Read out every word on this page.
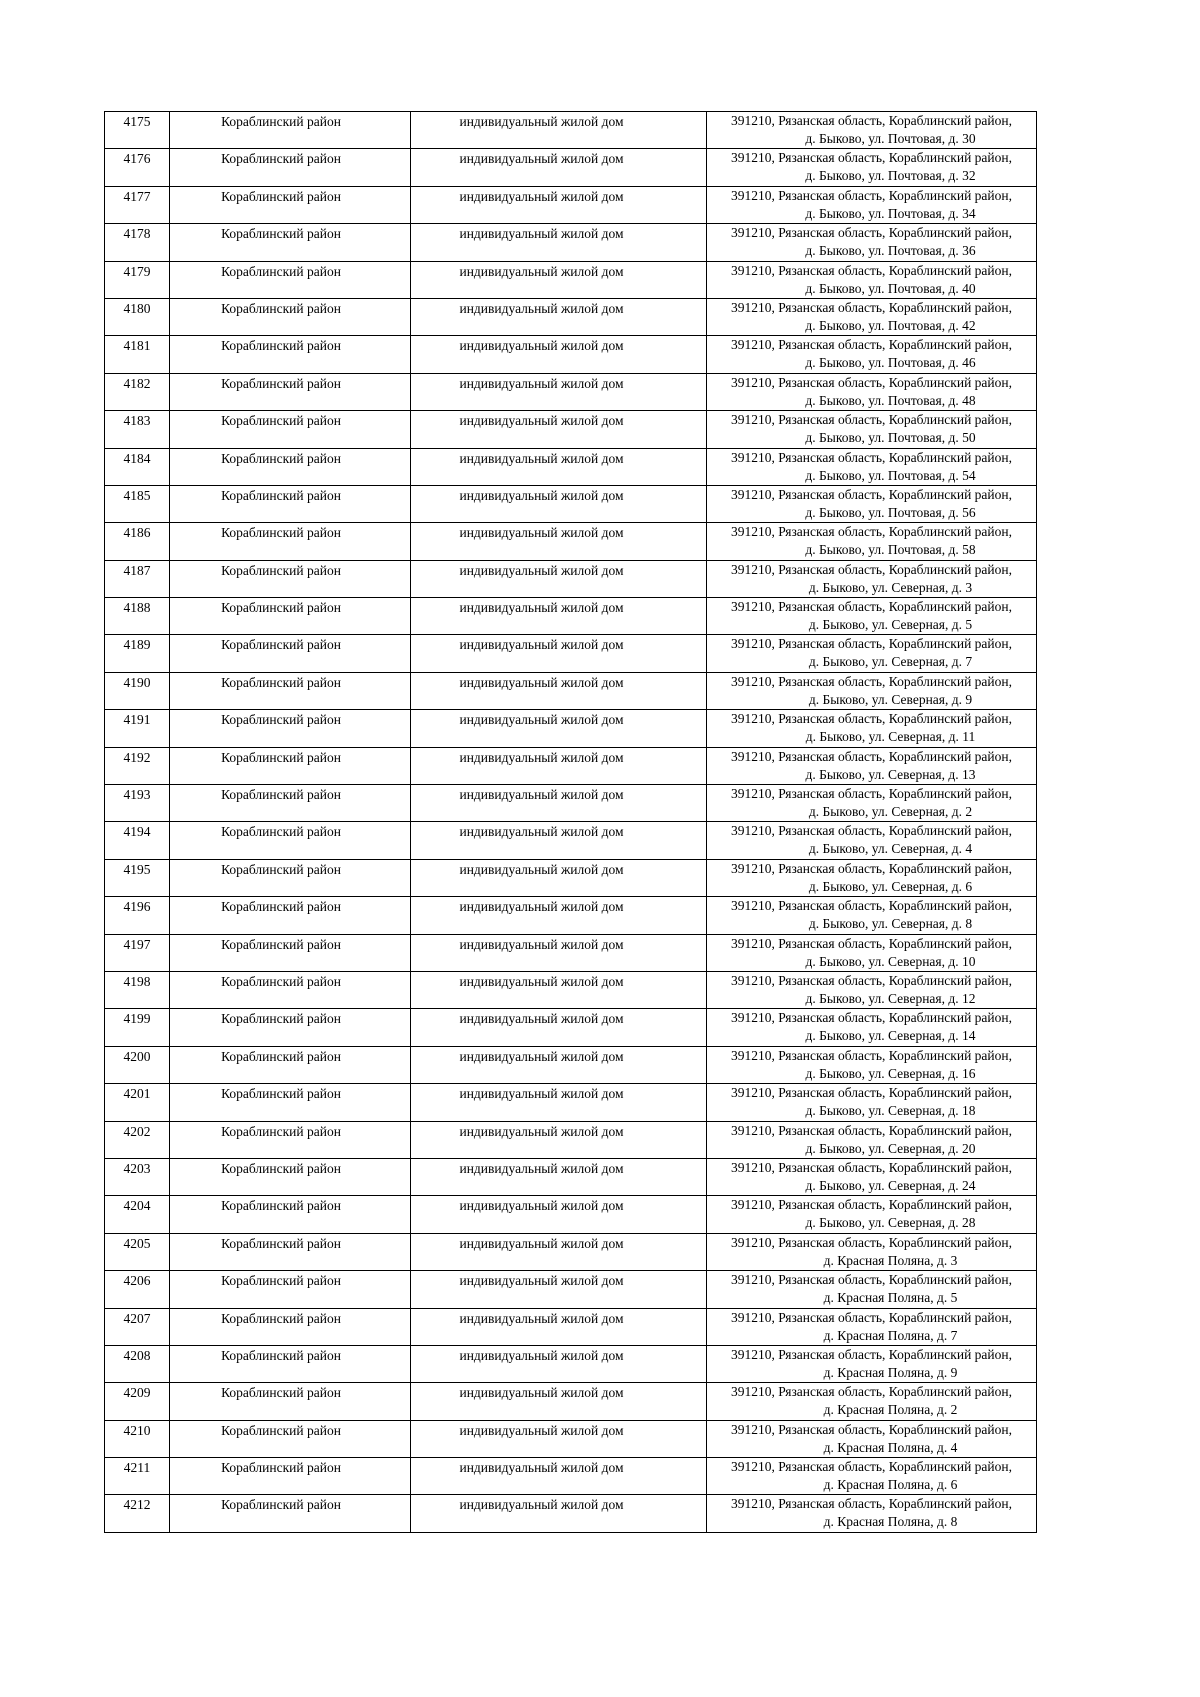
4175	Кораблинский район	индивидуальный жилой дом	391210, Рязанская область, Кораблинский район,
д. Быково, ул. Почтовая, д. 30

4176	Кораблинский район	индивидуальный жилой дом	391210, Рязанская область, Кораблинский район,
д. Быково, ул. Почтовая, д. 32

4177	Кораблинский район	индивидуальный жилой дом	391210, Рязанская область, Кораблинский район,
д. Быково, ул. Почтовая, д. 34

4178	Кораблинский район	индивидуальный жилой дом	391210, Рязанская область, Кораблинский район,
д. Быково, ул. Почтовая, д. 36

4179	Кораблинский район	индивидуальный жилой дом	391210, Рязанская область, Кораблинский район,
д. Быково, ул. Почтовая, д. 40

4180	Кораблинский район	индивидуальный жилой дом	391210, Рязанская область, Кораблинский район,
д. Быково, ул. Почтовая, д. 42

4181	Кораблинский район	индивидуальный жилой дом	391210, Рязанская область, Кораблинский район,
д. Быково, ул. Почтовая, д. 46

4182	Кораблинский район	индивидуальный жилой дом	391210, Рязанская область, Кораблинский район,
д. Быково, ул. Почтовая, д. 48

4183	Кораблинский район	индивидуальный жилой дом	391210, Рязанская область, Кораблинский район,
д. Быково, ул. Почтовая, д. 50

4184	Кораблинский район	индивидуальный жилой дом	391210, Рязанская область, Кораблинский район,
д. Быково, ул. Почтовая, д. 54

4185	Кораблинский район	индивидуальный жилой дом	391210, Рязанская область, Кораблинский район,
д. Быково, ул. Почтовая, д. 56

4186	Кораблинский район	индивидуальный жилой дом	391210, Рязанская область, Кораблинский район,
д. Быково, ул. Почтовая, д. 58

4187	Кораблинский район	индивидуальный жилой дом	391210, Рязанская область, Кораблинский район,
д. Быково, ул. Северная, д. 3

4188	Кораблинский район	индивидуальный жилой дом	391210, Рязанская область, Кораблинский район,
д. Быково, ул. Северная, д. 5

4189	Кораблинский район	индивидуальный жилой дом	391210, Рязанская область, Кораблинский район,
д. Быково, ул. Северная, д. 7

4190	Кораблинский район	индивидуальный жилой дом	391210, Рязанская область, Кораблинский район,
д. Быково, ул. Северная, д. 9

4191	Кораблинский район	индивидуальный жилой дом	391210, Рязанская область, Кораблинский район,
д. Быково, ул. Северная, д. 11

4192	Кораблинский район	индивидуальный жилой дом	391210, Рязанская область, Кораблинский район,
д. Быково, ул. Северная, д. 13

4193	Кораблинский район	индивидуальный жилой дом	391210, Рязанская область, Кораблинский район,
д. Быково, ул. Северная, д. 2

4194	Кораблинский район	индивидуальный жилой дом	391210, Рязанская область, Кораблинский район,
д. Быково, ул. Северная, д. 4

4195	Кораблинский район	индивидуальный жилой дом	391210, Рязанская область, Кораблинский район,
д. Быково, ул. Северная, д. 6

4196	Кораблинский район	индивидуальный жилой дом	391210, Рязанская область, Кораблинский район,
д. Быково, ул. Северная, д. 8

4197	Кораблинский район	индивидуальный жилой дом	391210, Рязанская область, Кораблинский район,
д. Быково, ул. Северная, д. 10

4198	Кораблинский район	индивидуальный жилой дом	391210, Рязанская область, Кораблинский район,
д. Быково, ул. Северная, д. 12

4199	Кораблинский район	индивидуальный жилой дом	391210, Рязанская область, Кораблинский район,
д. Быково, ул. Северная, д. 14

4200	Кораблинский район	индивидуальный жилой дом	391210, Рязанская область, Кораблинский район,
д. Быково, ул. Северная, д. 16

4201	Кораблинский район	индивидуальный жилой дом	391210, Рязанская область, Кораблинский район,
д. Быково, ул. Северная, д. 18

4202	Кораблинский район	индивидуальный жилой дом	391210, Рязанская область, Кораблинский район,
д. Быково, ул. Северная, д. 20

4203	Кораблинский район	индивидуальный жилой дом	391210, Рязанская область, Кораблинский район,
д. Быково, ул. Северная, д. 24

4204	Кораблинский район	индивидуальный жилой дом	391210, Рязанская область, Кораблинский район,
д. Быково, ул. Северная, д. 28

4205	Кораблинский район	индивидуальный жилой дом	391210, Рязанская область, Кораблинский район,
д. Красная Поляна, д. 3

4206	Кораблинский район	индивидуальный жилой дом	391210, Рязанская область, Кораблинский район,
д. Красная Поляна, д. 5

4207	Кораблинский район	индивидуальный жилой дом	391210, Рязанская область, Кораблинский район,
д. Красная Поляна, д. 7

4208	Кораблинский район	индивидуальный жилой дом	391210, Рязанская область, Кораблинский район,
д. Красная Поляна, д. 9

4209	Кораблинский район	индивидуальный жилой дом	391210, Рязанская область, Кораблинский район,
д. Красная Поляна, д. 2

4210	Кораблинский район	индивидуальный жилой дом	391210, Рязанская область, Кораблинский район,
д. Красная Поляна, д. 4

4211	Кораблинский район	индивидуальный жилой дом	391210, Рязанская область, Кораблинский район,
д. Красная Поляна, д. 6

4212	Кораблинский район	индивидуальный жилой дом	391210, Рязанская область, Кораблинский район,
д. Красная Поляна, д. 8
